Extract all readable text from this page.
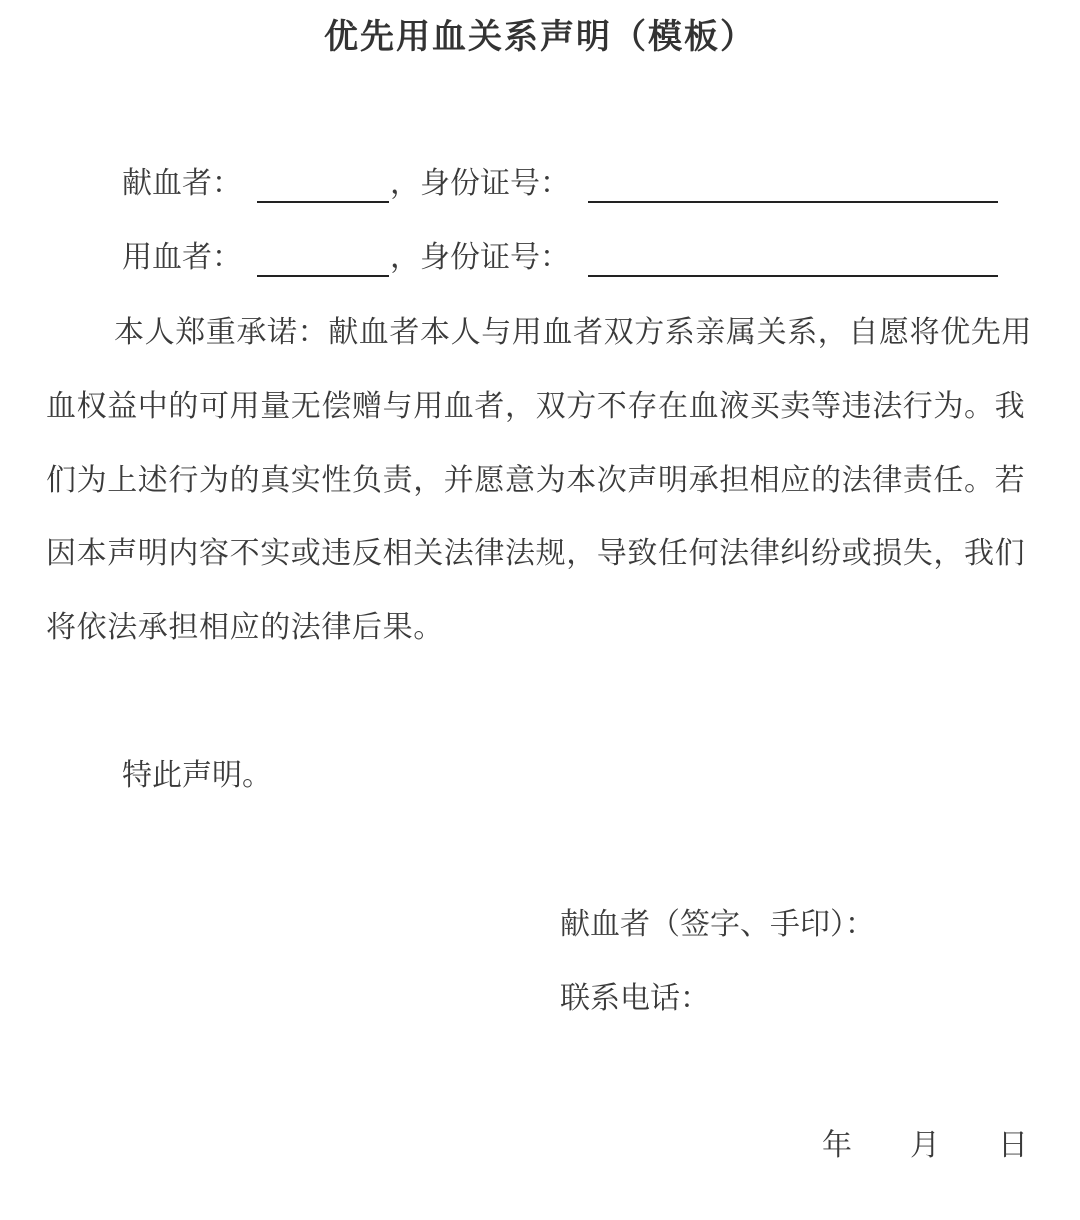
优先用血关系声明（模板）
献血者：	，身份证号：
用血者：	，身份证号：
本人郑重承诺：献血者本人与用血者双方系亲属关系，自愿将优先用血权益中的可用量无偿赠与用血者，双方不存在血液买卖等违法行为。我们为上述行为的真实性负责，并愿意为本次声明承担相应的法律责任。若因本声明内容不实或违反相关法律法规，导致任何法律纠纷或损失，我们将依法承担相应的法律后果。
特此声明。
献血者（签字、手印）：
联系电话：
年 月 日
